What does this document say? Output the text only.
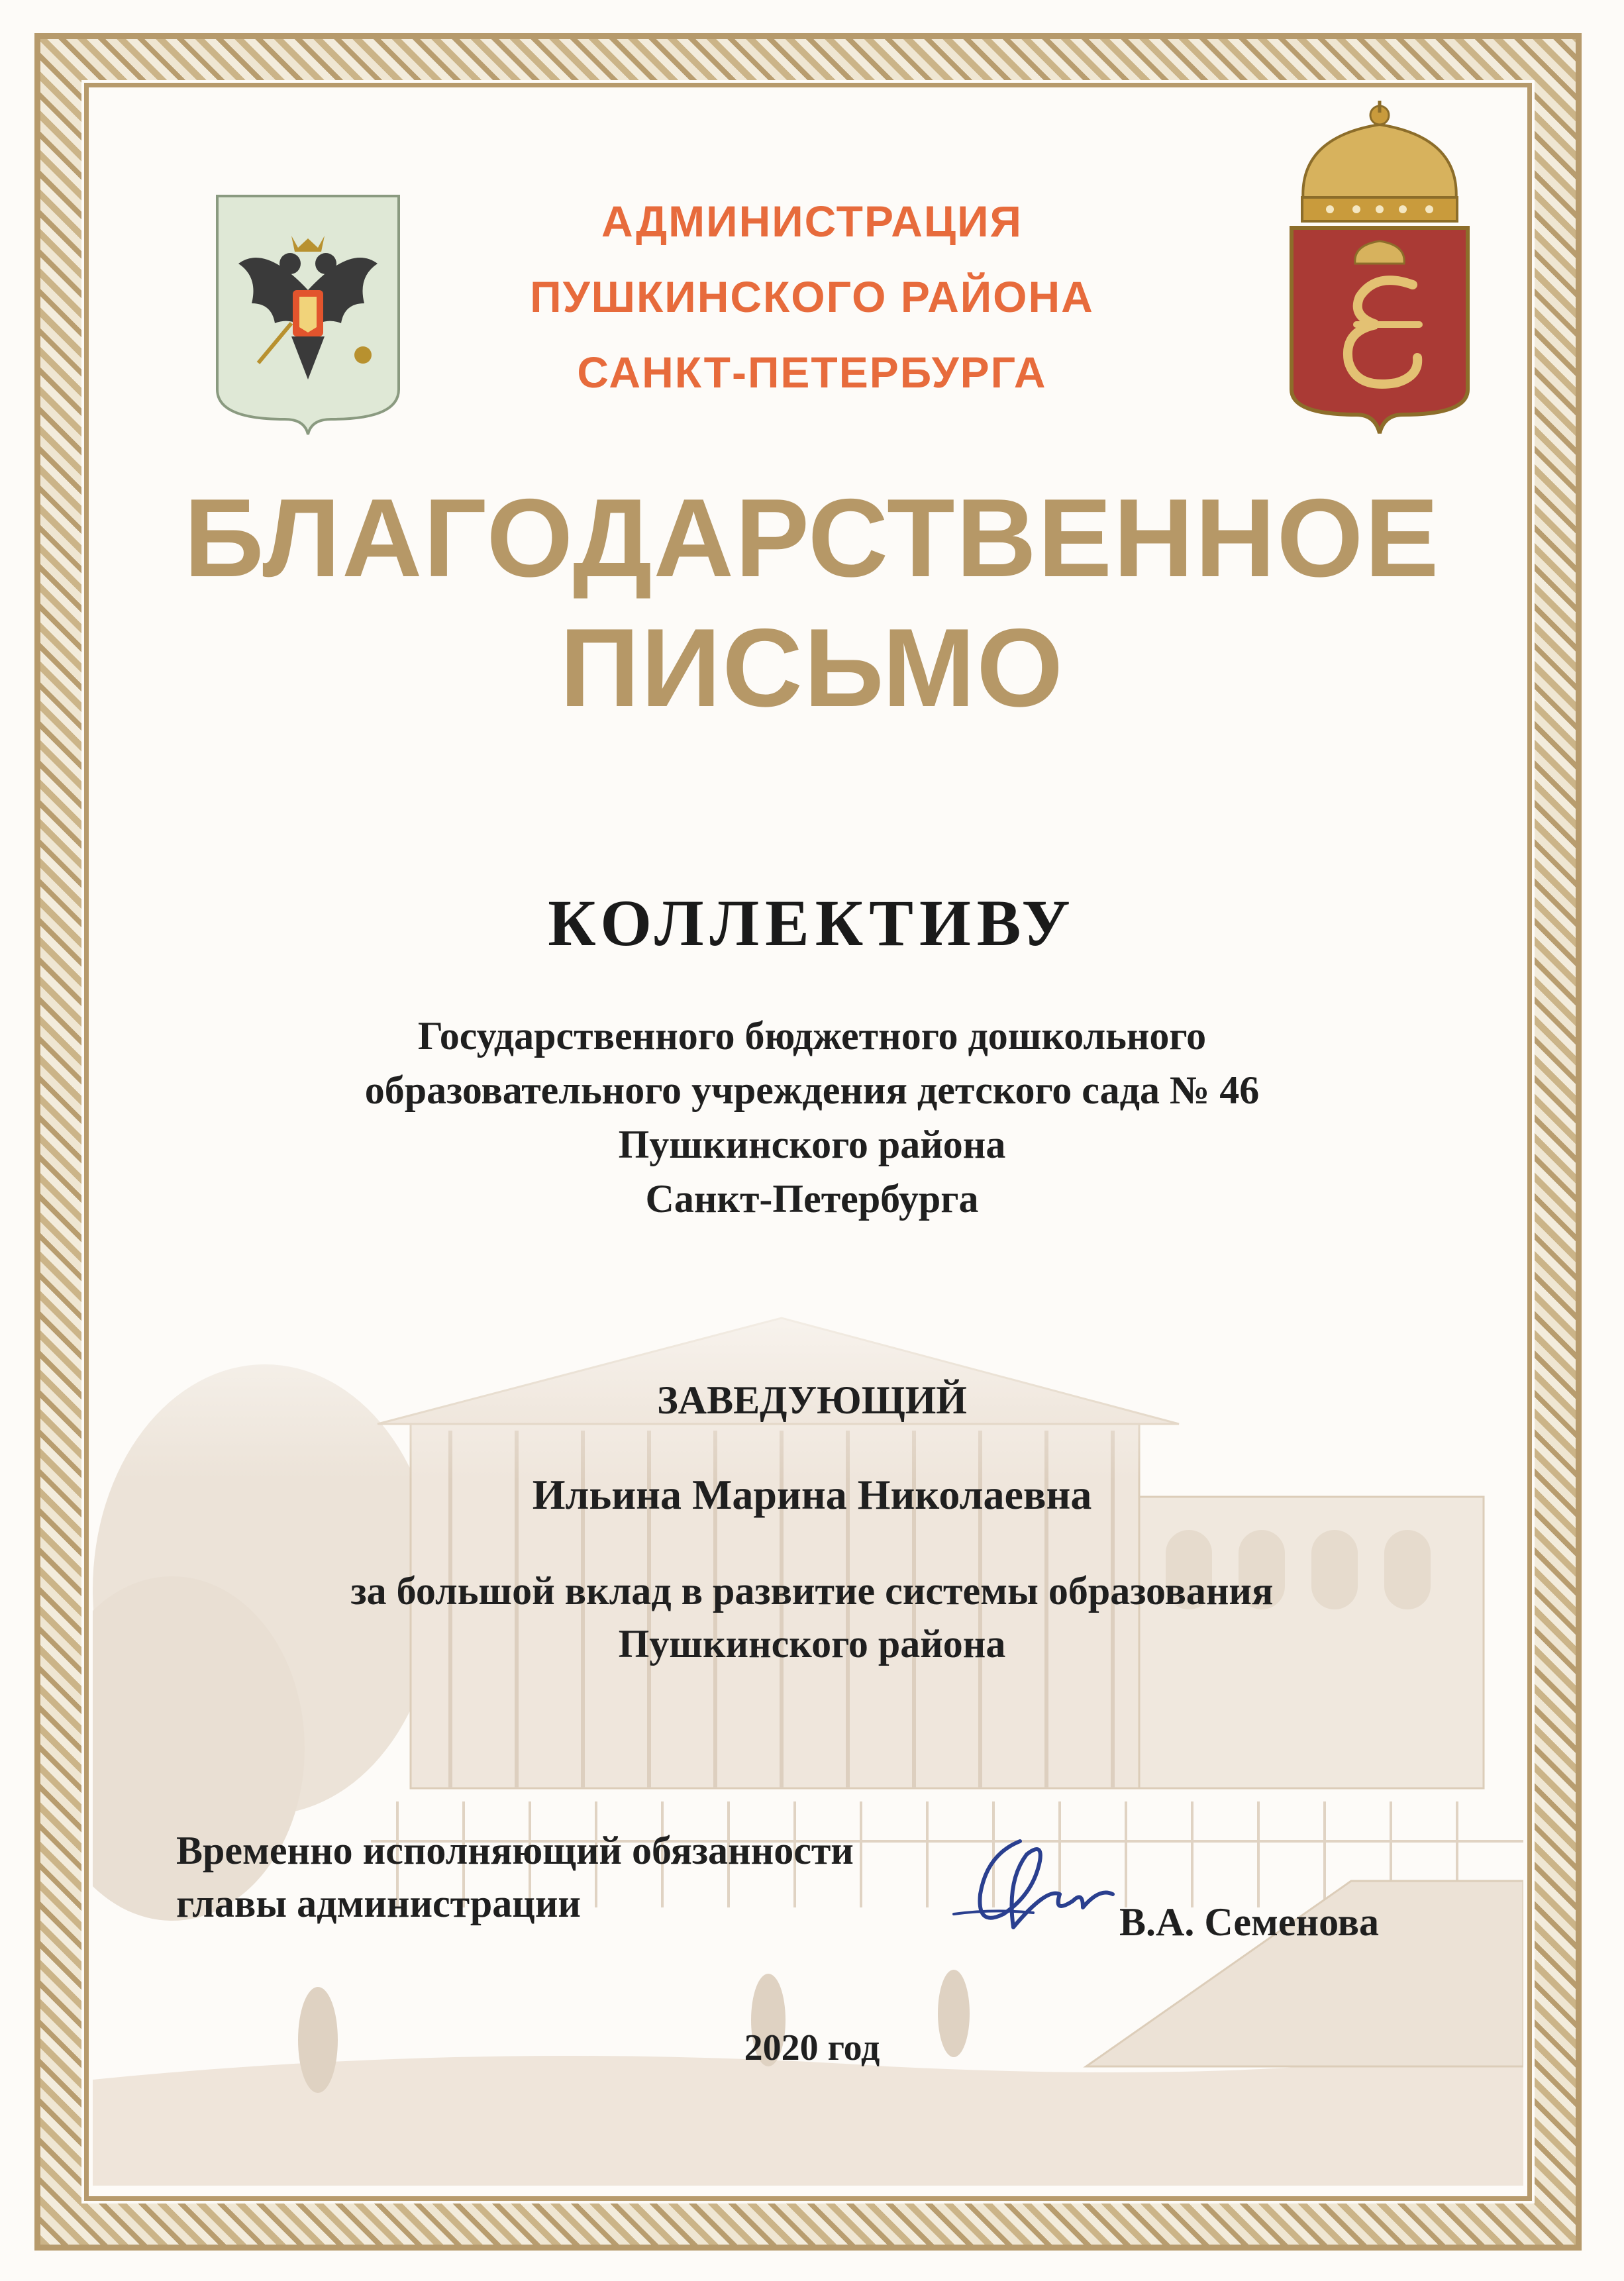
АДМИНИСТРАЦИЯ
ПУШКИНСКОГО РАЙОНА
САНКТ-ПЕТЕРБУРГА
БЛАГОДАРСТВЕННОЕ
ПИСЬМО
КОЛЛЕКТИВУ
Государственного бюджетного дошкольного
образовательного учреждения детского сада № 46
Пушкинского района
Санкт-Петербурга
ЗАВЕДУЮЩИЙ
Ильина Марина Николаевна
за большой вклад в развитие системы образования
Пушкинского района
Временно исполняющий обязанности
главы администрации	В.А. Семенова
2020 год
